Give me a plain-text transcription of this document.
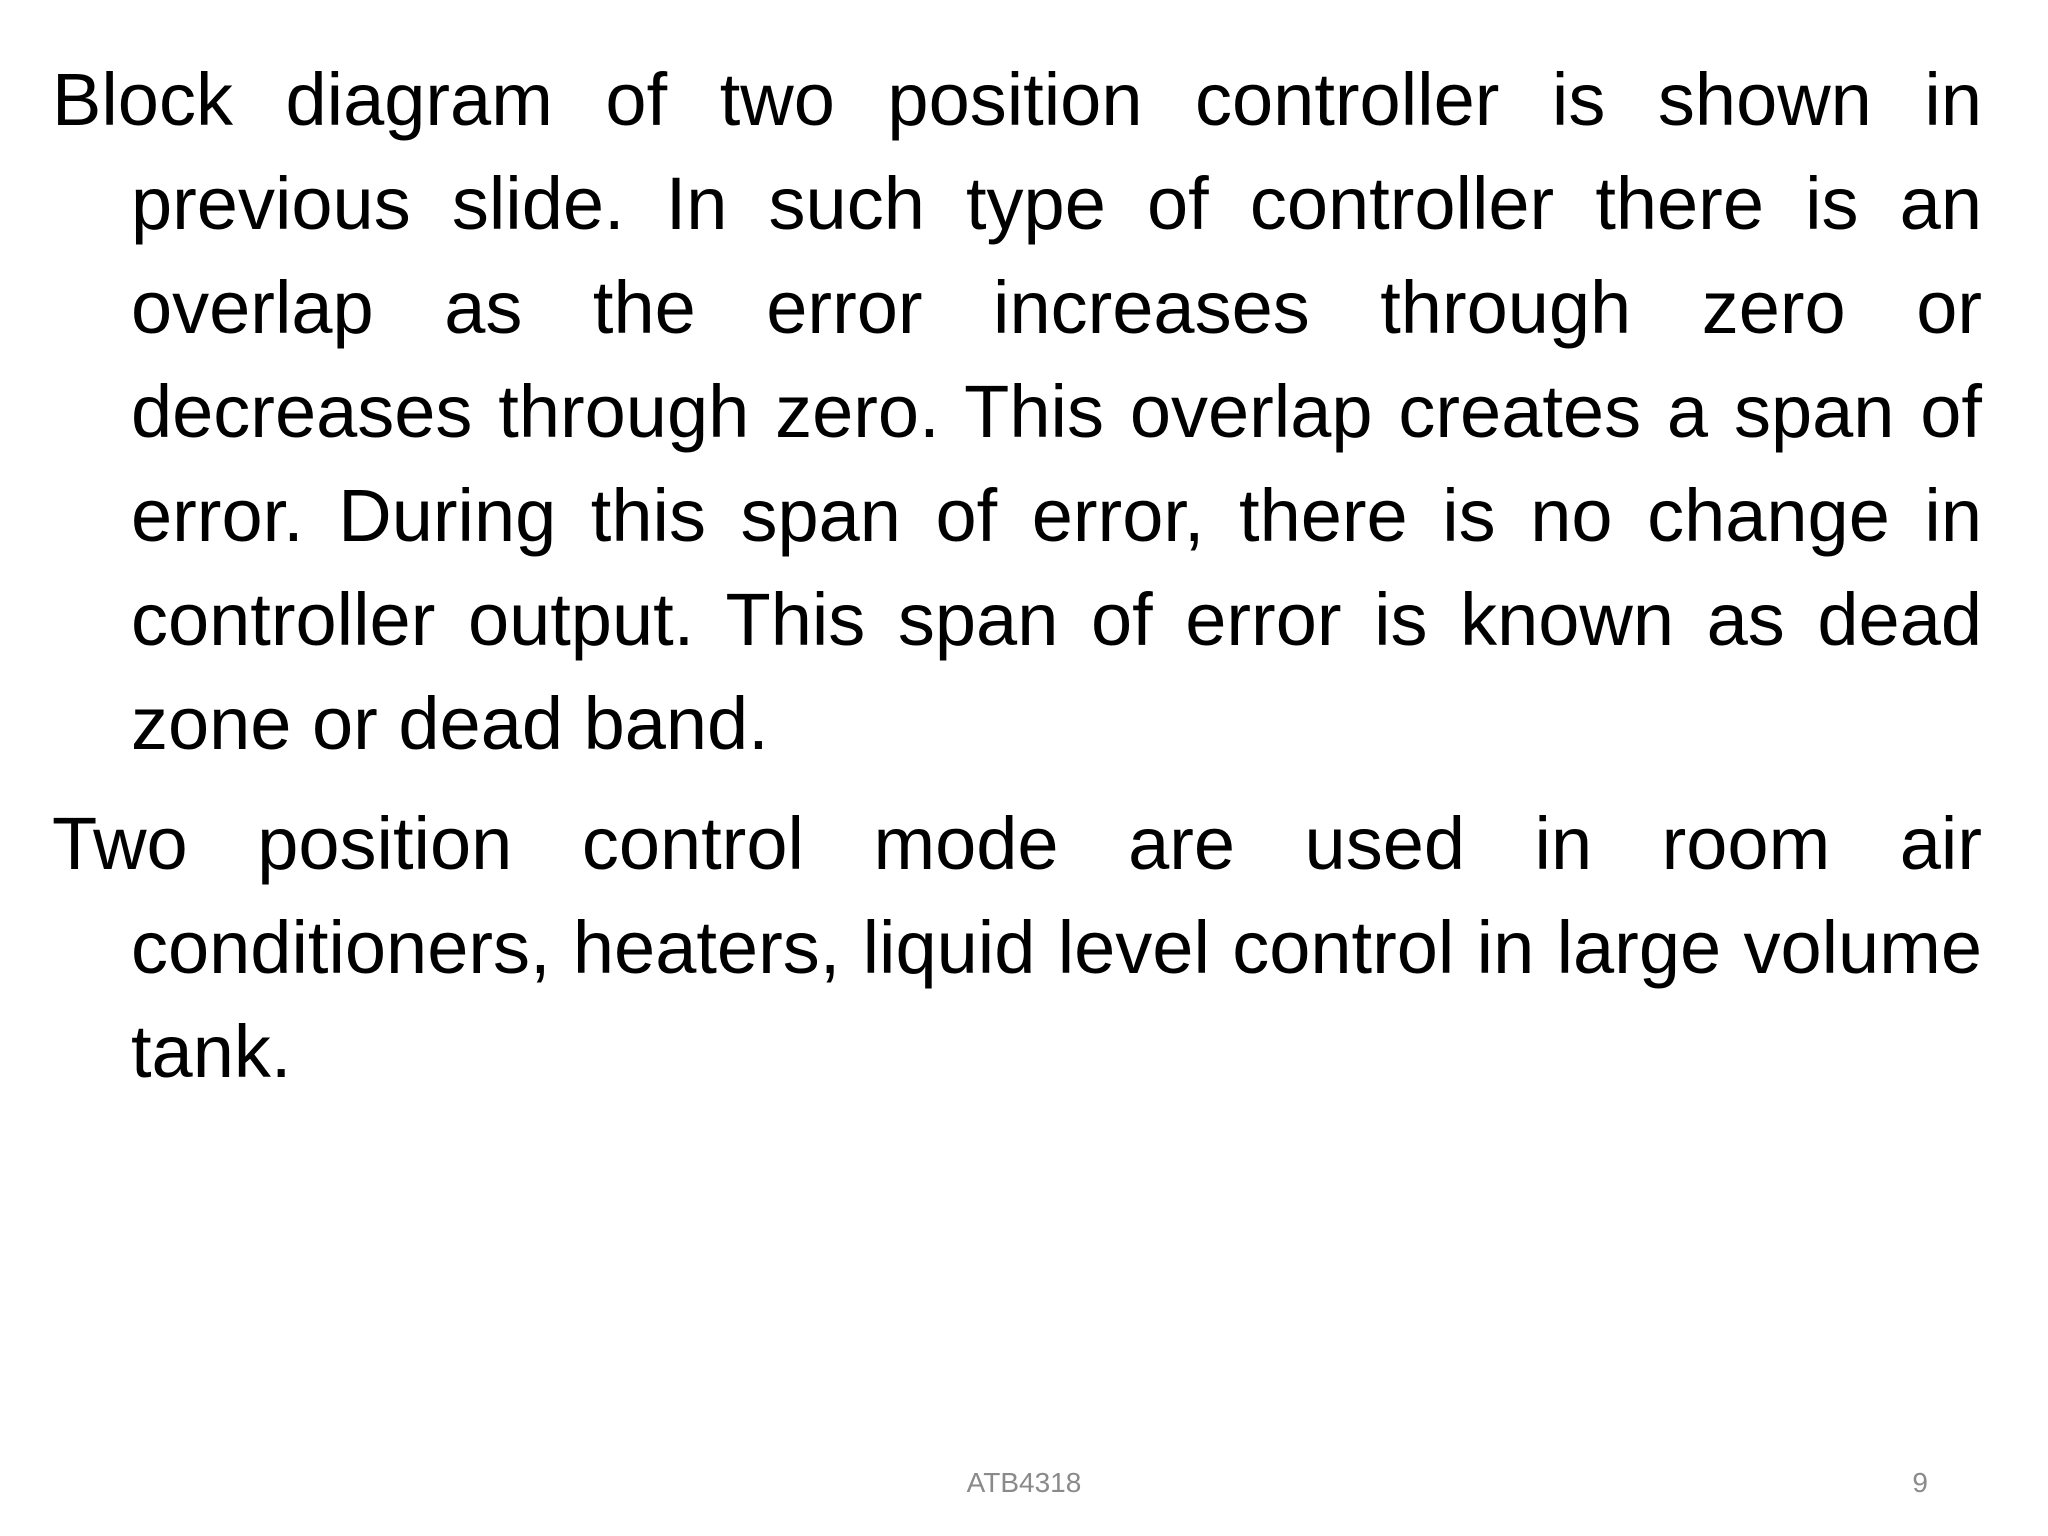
Block diagram of two position controller is shown in previous slide. In such type of controller there is an overlap as the error increases through zero or decreases through zero. This overlap creates a span of error. During this span of error, there is no change in controller output. This span of error is known as dead zone or dead band.

Two position control mode are used in room air conditioners, heaters, liquid level control in large volume tank.

ATB4318	9
